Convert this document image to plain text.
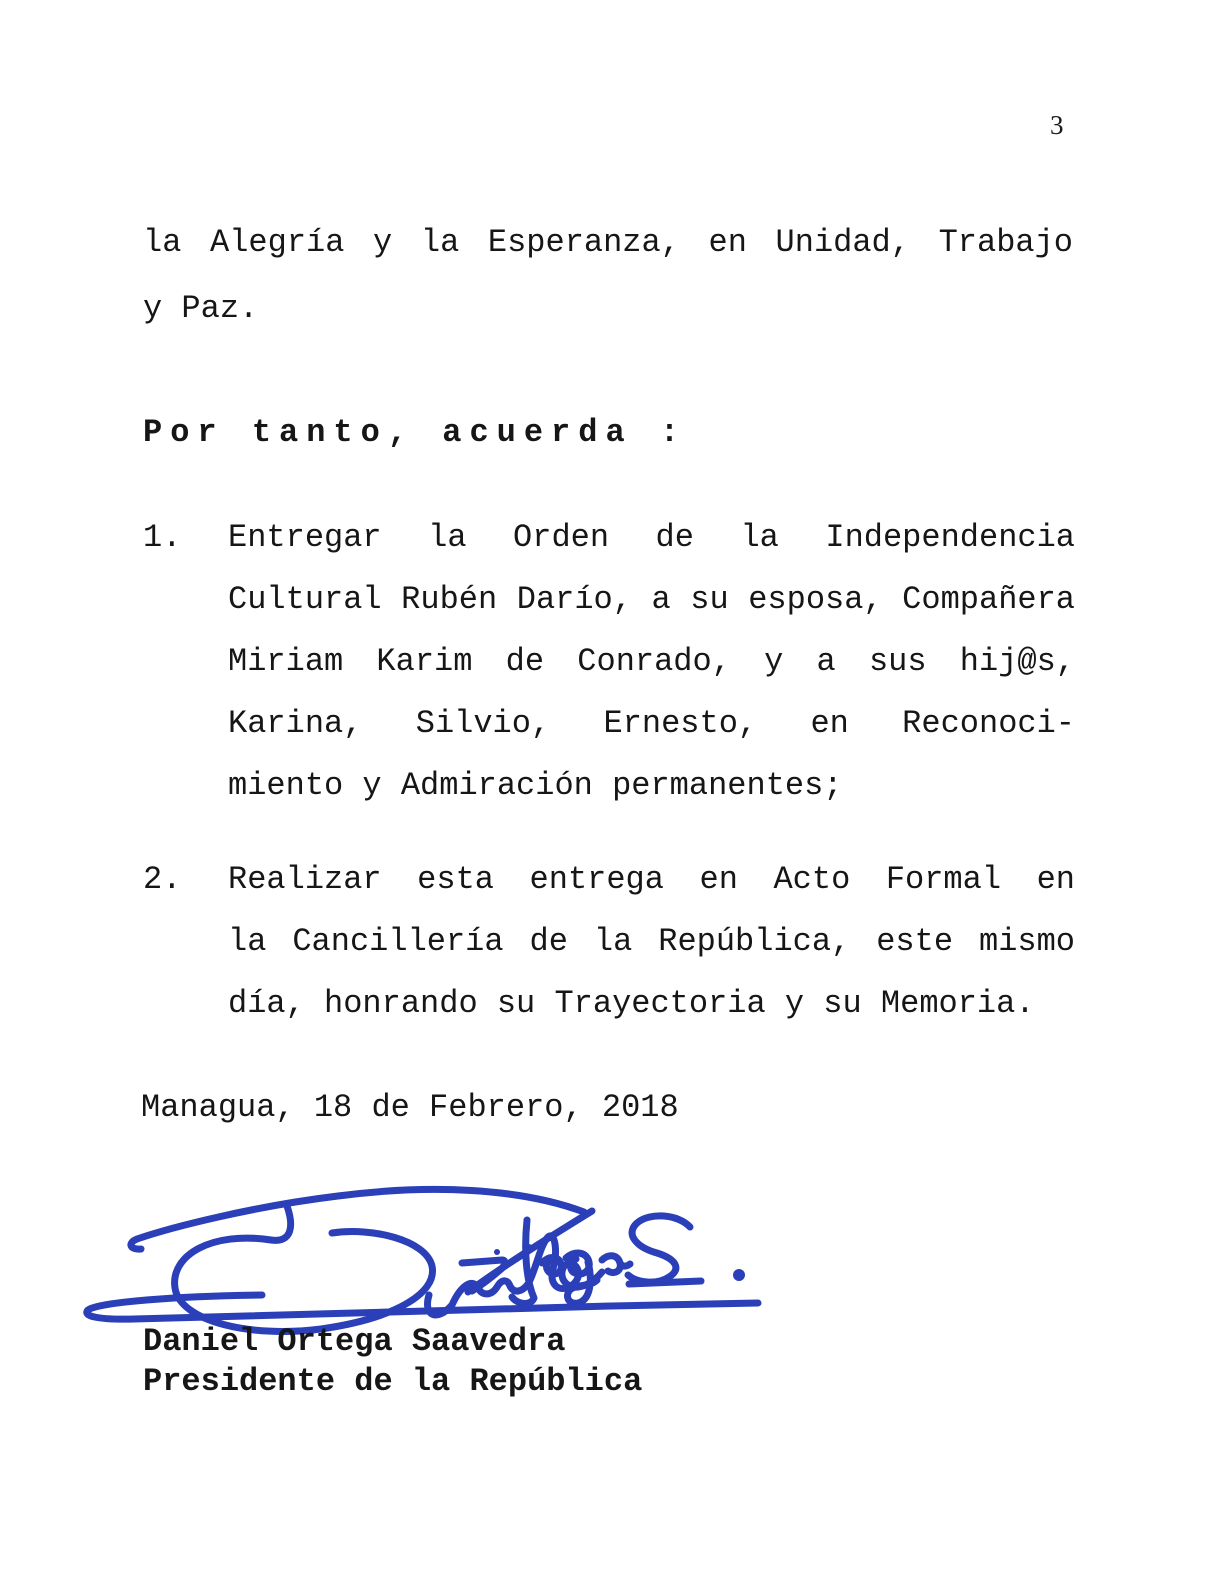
3
la Alegría y la Esperanza, en Unidad, Trabajo
y Paz.
Por tanto, acuerda :
1. Entregar la Orden de la Independencia
Cultural Rubén Darío, a su esposa, Compañera
Miriam Karim de Conrado, y a sus hij@s,
Karina, Silvio, Ernesto, en Reconoci-
miento y Admiración permanentes;
2. Realizar esta entrega en Acto Formal en
la Cancillería de la República, este mismo
día, honrando su Trayectoria y su Memoria.
Managua, 18 de Febrero, 2018
Daniel Ortega Saavedra
Presidente de la República
